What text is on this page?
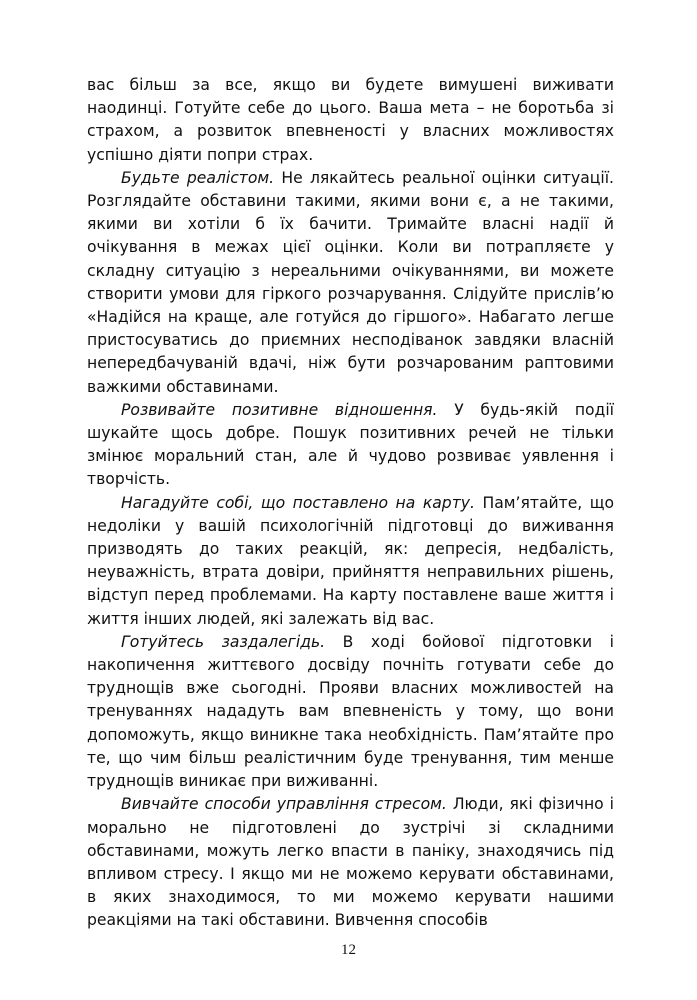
вас більш за все, якщо ви будете вимушені виживати наодинці. Готуйте себе до цього. Ваша мета – не боротьба зі страхом, а розвиток впевненості у власних можливостях успішно діяти попри страх.

Будьте реалістом. Не лякайтесь реальної оцінки ситуації. Розглядайте обставини такими, якими вони є, а не такими, якими ви хотіли б їх бачити. Тримайте власні надії й очікування в межах цієї оцінки. Коли ви потрапляєте у складну ситуацію з нереальними очікуваннями, ви можете створити умови для гіркого розчарування. Слідуйте прислів’ю «Надійся на краще, але готуйся до гіршого». Набагато легше пристосуватись до приємних несподіванок завдяки власній непередбачуваній вдачі, ніж бути розчарованим раптовими важкими обставинами.

Розвивайте позитивне відношення. У будь-якій події шукайте щось добре. Пошук позитивних речей не тільки змінює моральний стан, але й чудово розвиває уявлення і творчість.

Нагадуйте собі, що поставлено на карту. Пам’ятайте, що недоліки у вашій психологічній підготовці до виживання призводять до таких реакцій, як: депресія, недбалість, неуважність, втрата довіри, прийняття неправильних рішень, відступ перед проблемами. На карту поставлене ваше життя і життя інших людей, які залежать від вас.

Готуйтесь заздалегідь. В ході бойової підготовки і накопичення життєвого досвіду почніть готувати себе до труднощів вже сьогодні. Прояви власних можливостей на тренуваннях нададуть вам впевненість у тому, що вони допоможуть, якщо виникне така необхідність. Пам’ятайте про те, що чим більш реалістичним буде тренування, тим менше труднощів виникає при виживанні.

Вивчайте способи управління стресом. Люди, які фізично і морально не підготовлені до зустрічі зі складними обставинами, можуть легко впасти в паніку, знаходячись під впливом стресу. І якщо ми не можемо керувати обставинами, в яких знаходимося, то ми можемо керувати нашими реакціями на такі обставини. Вивчення способів

12
